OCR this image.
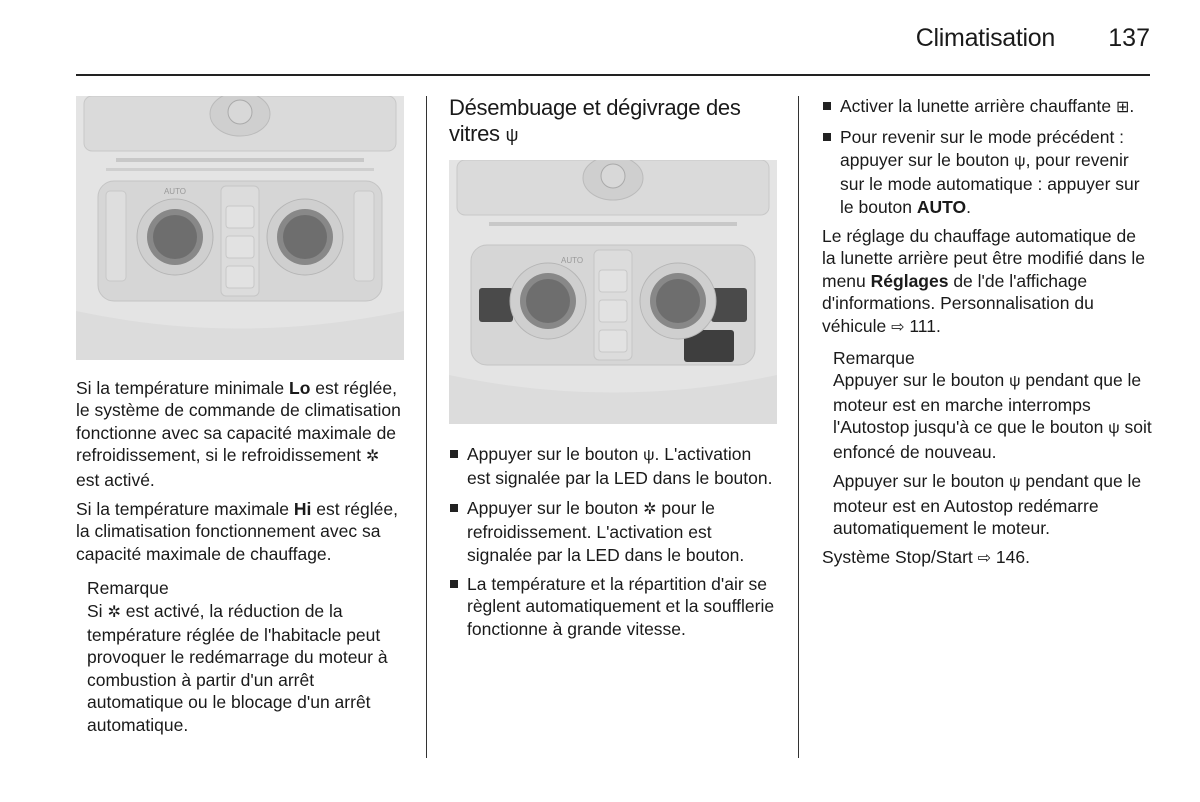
Climatisation	137
AUTO

Si la température minimale Lo est réglée, le système de commande de climatisation fonctionne avec sa capacité maximale de refroidissement, si le refroidissement ✲ est activé.

Si la température maximale Hi est réglée, la climatisation fonctionnement avec sa capacité maximale de chauffage.

Remarque
Si ✲ est activé, la réduction de la température réglée de l'habitacle peut provoquer le redémarrage du moteur à combustion à partir d'un arrêt automatique ou le blocage d'un arrêt automatique.
Désembuage et dégivrage des vitres ψ
AUTO
Appuyer sur le bouton ψ. L'activation est signalée par la LED dans le bouton.
Appuyer sur le bouton ✲ pour le refroidissement. L'activation est signalée par la LED dans le bouton.
La température et la répartition d'air se règlent automatiquement et la soufflerie fonctionne à grande vitesse.
Activer la lunette arrière chauffante ⊞.
Pour revenir sur le mode précédent : appuyer sur le bouton ψ, pour revenir sur le mode automatique : appuyer sur le bouton AUTO.

Le réglage du chauffage automatique de la lunette arrière peut être modifié dans le menu Réglages de l'de l'affichage d'informations. Personnalisation du véhicule ⇨ 111.

Remarque

Appuyer sur le bouton ψ pendant que le moteur est en marche interromps l'Autostop jusqu'à ce que le bouton ψ soit enfoncé de nouveau.

Appuyer sur le bouton ψ pendant que le moteur est en Autostop redémarre automatiquement le moteur.

Système Stop/Start ⇨ 146.
